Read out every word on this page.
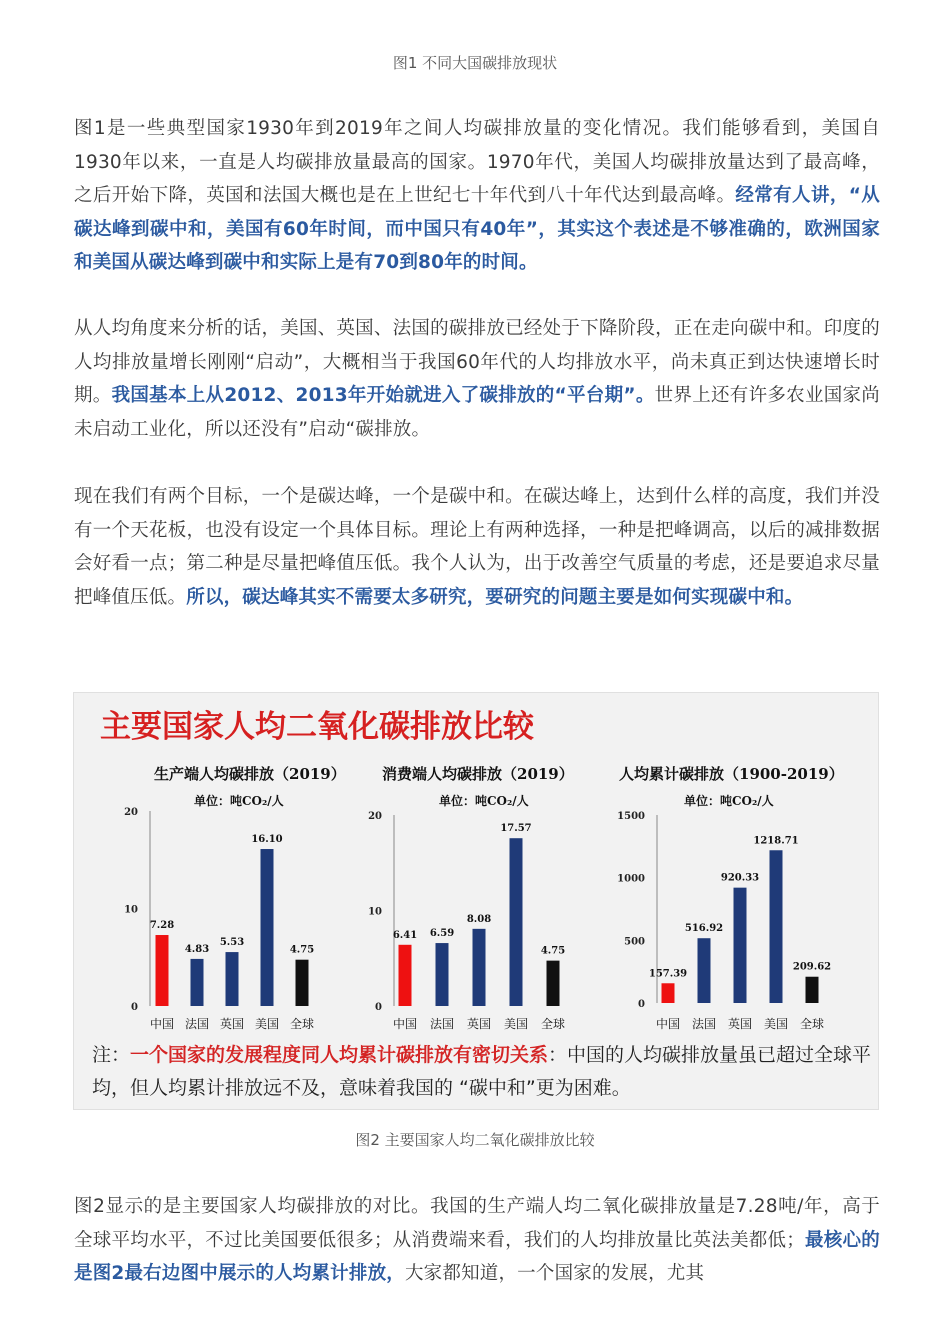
图1 不同大国碳排放现状

图1是一些典型国家1930年到2019年之间人均碳排放量的变化情况。我们能够看到，美国自1930年以来，一直是人均碳排放量最高的国家。1970年代，美国人均碳排放量达到了最高峰，之后开始下降，英国和法国大概也是在上世纪七十年代到八十年代达到最高峰。经常有人讲，“从碳达峰到碳中和，美国有60年时间，而中国只有40年”，其实这个表述是不够准确的，欧洲国家和美国从碳达峰到碳中和实际上是有70到80年的时间。

从人均角度来分析的话，美国、英国、法国的碳排放已经处于下降阶段，正在走向碳中和。印度的人均排放量增长刚刚“启动”，大概相当于我国60年代的人均排放水平，尚未真正到达快速增长时期。我国基本上从2012、2013年开始就进入了碳排放的“平台期”。世界上还有许多农业国家尚未启动工业化，所以还没有”启动“碳排放。

现在我们有两个目标，一个是碳达峰，一个是碳中和。在碳达峰上，达到什么样的高度，我们并没有一个天花板，也没有设定一个具体目标。理论上有两种选择，一种是把峰调高，以后的减排数据会好看一点；第二种是尽量把峰值压低。我个人认为，出于改善空气质量的考虑，还是要追求尽量把峰值压低。所以，碳达峰其实不需要太多研究，要研究的问题主要是如何实现碳中和。

主要国家人均二氧化碳排放比较
生产端人均碳排放（2019）
单位：吨CO₂/人
0
10
20
7.28
中国
4.83
法国
5.53
英国
16.10
美国
4.75
全球
消费端人均碳排放（2019）
单位：吨CO₂/人
0
10
20
6.41
中国
6.59
法国
8.08
英国
17.57
美国
4.75
全球
人均累计碳排放（1900-2019）
单位：吨CO₂/人
0
500
1000
1500
157.39
中国
516.92
法国
920.33
英国
1218.71
美国
209.62
全球

注：一个国家的发展程度同人均累计碳排放有密切关系：中国的人均碳排放量虽已超过全球平均，但人均累计排放远不及，意味着我国的 “碳中和”更为困难。

图2 主要国家人均二氧化碳排放比较

图2显示的是主要国家人均碳排放的对比。我国的生产端人均二氧化碳排放量是7.28吨/年，高于全球平均水平，不过比美国要低很多；从消费端来看，我们的人均排放量比英法美都低；最核心的是图2最右边图中展示的人均累计排放，大家都知道，一个国家的发展，尤其
